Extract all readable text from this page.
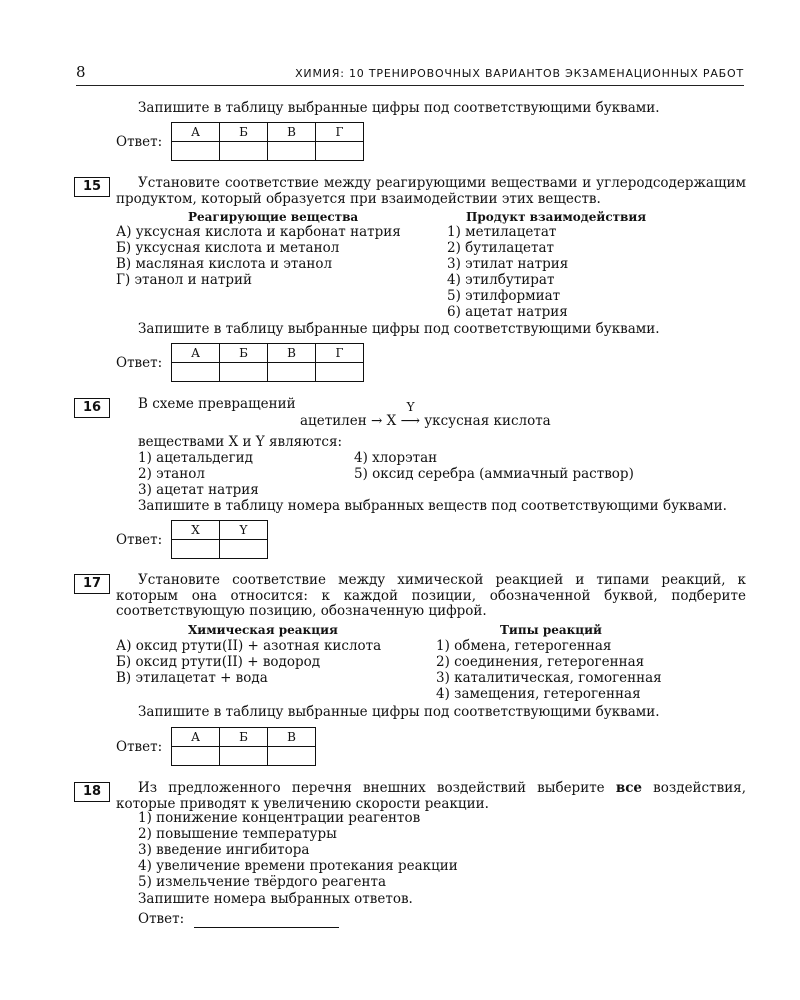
8	ХИМИЯ: 10 ТРЕНИРОВОЧНЫХ ВАРИАНТОВ ЭКЗАМЕНАЦИОННЫХ РАБОТ
Запишите в таблицу выбранные цифры под соответствующими буквами.
Ответ:
А	Б	В	Г

15	Установите соответствие между реагирующими веществами и углеродсодержащим продуктом, который образуется при взаимодействии этих веществ.
Реагирующие вещества	Продукт взаимодействия
А) уксусная кислота и карбонат натрия
Б) уксусная кислота и метанол
В) масляная кислота и этанол
Г) этанол и натрий
1) метилацетат
2) бутилацетат
3) этилат натрия
4) этилбутират
5) этилформиат
6) ацетат натрия
Запишите в таблицу выбранные цифры под соответствующими буквами.
Ответ:
А	Б	В	Г

16	В схеме превращений
ацетилен → X
Y
⟶ уксусная кислота
веществами X и Y являются:
1) ацетальдегид
2) этанол
3) ацетат натрия
4) хлорэтан
5) оксид серебра (аммиачный раствор)
Запишите в таблицу номера выбранных веществ под соответствующими буквами.
Ответ:
X	Y

17	Установите соответствие между химической реакцией и типами реакций, к которым она относится: к каждой позиции, обозначенной буквой, подберите соответствующую позицию, обозначенную цифрой.
Химическая реакция	Типы реакций
А) оксид ртути(II) + азотная кислота
Б) оксид ртути(II) + водород
В) этилацетат + вода
1) обмена, гетерогенная
2) соединения, гетерогенная
3) каталитическая, гомогенная
4) замещения, гетерогенная
Запишите в таблицу выбранные цифры под соответствующими буквами.
Ответ:
А	Б	В

18	Из предложенного перечня внешних воздействий выберите все воздействия, которые приводят к увеличению скорости реакции.
1) понижение концентрации реагентов
2) повышение температуры
3) введение ингибитора
4) увеличение времени протекания реакции
5) измельчение твёрдого реагента
Запишите номера выбранных ответов.
Ответ:
